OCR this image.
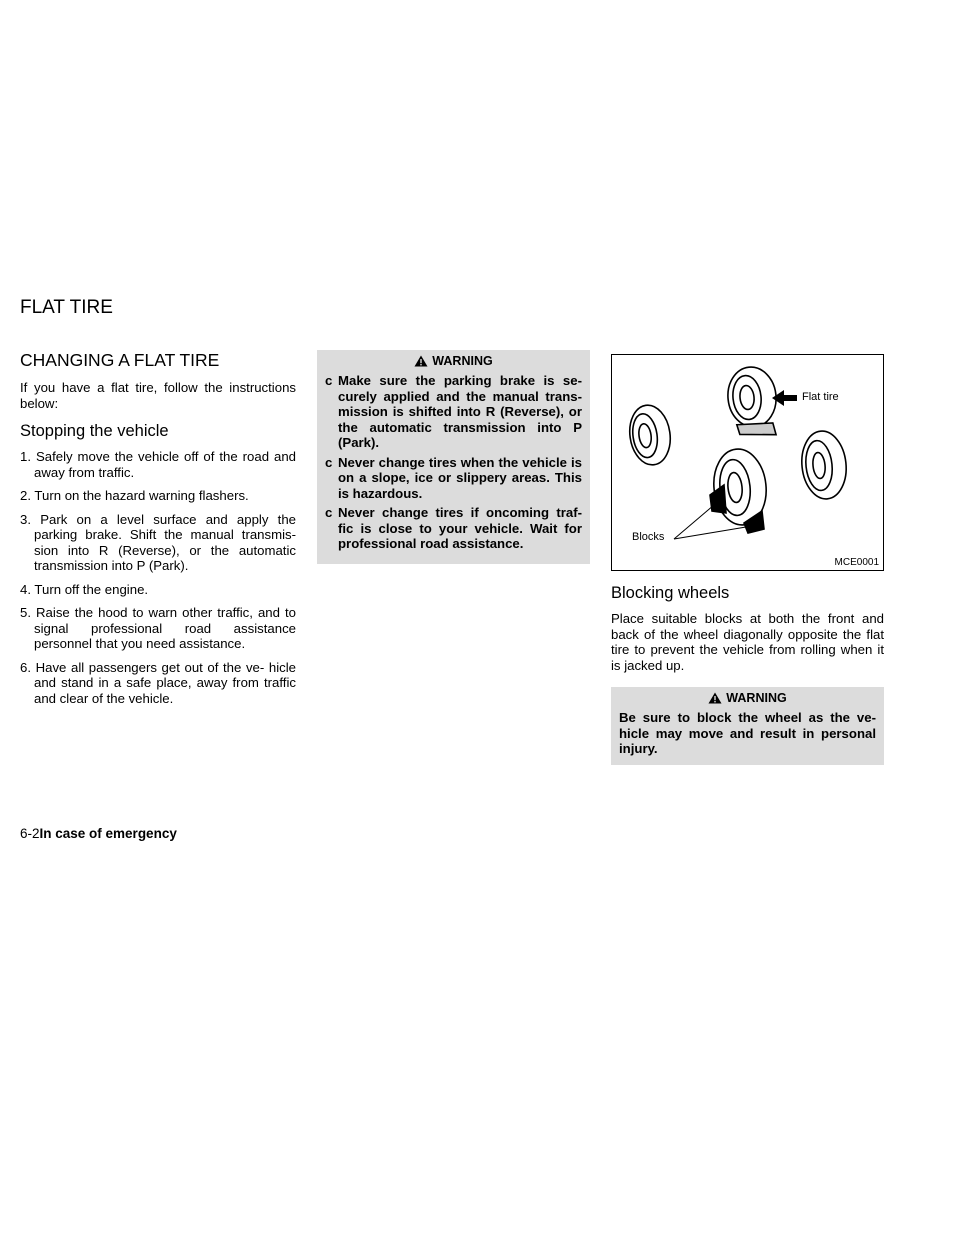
FLAT TIRE
CHANGING A FLAT TIRE

If you have a flat tire, follow the instructions below:

Stopping the vehicle
1. Safely move the vehicle off of the road and away from traffic.
2. Turn on the hazard warning flashers.
3. Park on a level surface and apply the parking brake. Shift the manual transmis- sion into R (Reverse), or the automatic transmission into P (Park).
4. Turn off the engine.
5. Raise the hood to warn other traffic, and to signal professional road assistance personnel that you need assistance.
6. Have all passengers get out of the ve- hicle and stand in a safe place, away from traffic and clear of the vehicle.
WARNING
c Make sure the parking brake is se- curely applied and the manual trans- mission is shifted into R (Reverse), or the automatic transmission into P (Park).
c Never change tires when the vehicle is on a slope, ice or slippery areas. This is hazardous.
c Never change tires if oncoming traf- fic is close to your vehicle. Wait for professional road assistance.
Flat tire
Blocks
MCE0001
Blocking wheels

Place suitable blocks at both the front and back of the wheel diagonally opposite the flat tire to prevent the vehicle from rolling when it is jacked up.

WARNING

Be sure to block the wheel as the ve- hicle may move and result in personal injury.

6-2In case of emergency
